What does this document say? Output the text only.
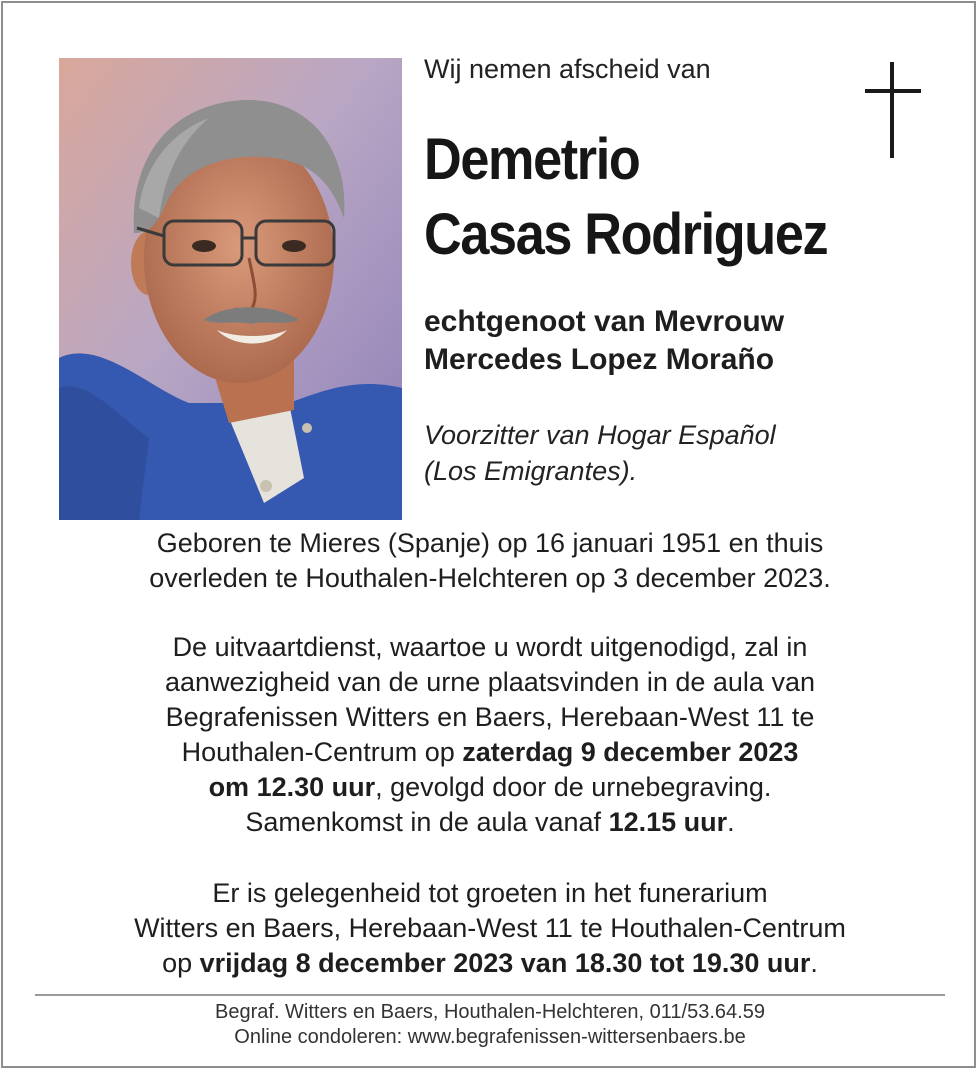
Wij nemen afscheid van
Demetrio
Casas Rodriguez
echtgenoot van Mevrouw
Mercedes Lopez Moraño
Voorzitter van Hogar Español
(Los Emigrantes).
Geboren te Mieres (Spanje) op 16 januari 1951 en thuis
overleden te Houthalen-Helchteren op 3 december 2023.
De uitvaartdienst, waartoe u wordt uitgenodigd, zal in
aanwezigheid van de urne plaatsvinden in de aula van
Begrafenissen Witters en Baers, Herebaan-West 11 te
Houthalen-Centrum op zaterdag 9 december 2023
om 12.30 uur, gevolgd door de urnebegraving.
Samenkomst in de aula vanaf 12.15 uur.
Er is gelegenheid tot groeten in het funerarium
Witters en Baers, Herebaan-West 11 te Houthalen-Centrum
op vrijdag 8 december 2023 van 18.30 tot 19.30 uur.
Begraf. Witters en Baers, Houthalen-Helchteren, 011/53.64.59
Online condoleren: www.begrafenissen-wittersenbaers.be
